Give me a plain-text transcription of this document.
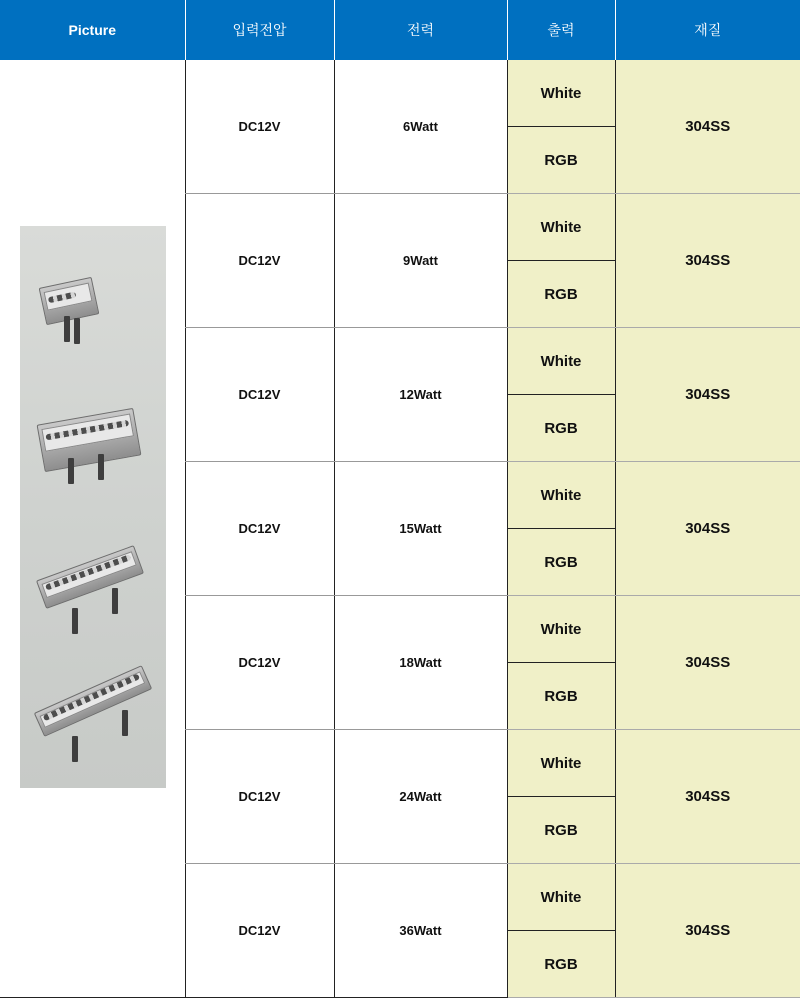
Picture	입력전압	전력	출력	재질
	DC12V	6Watt	White	304SS
			RGB	
	DC12V	9Watt	White	304SS
			RGB	
	DC12V	12Watt	White	304SS
			RGB	
	DC12V	15Watt	White	304SS
			RGB	
	DC12V	18Watt	White	304SS
			RGB	
	DC12V	24Watt	White	304SS
			RGB	
	DC12V	36Watt	White	304SS
			RGB	
